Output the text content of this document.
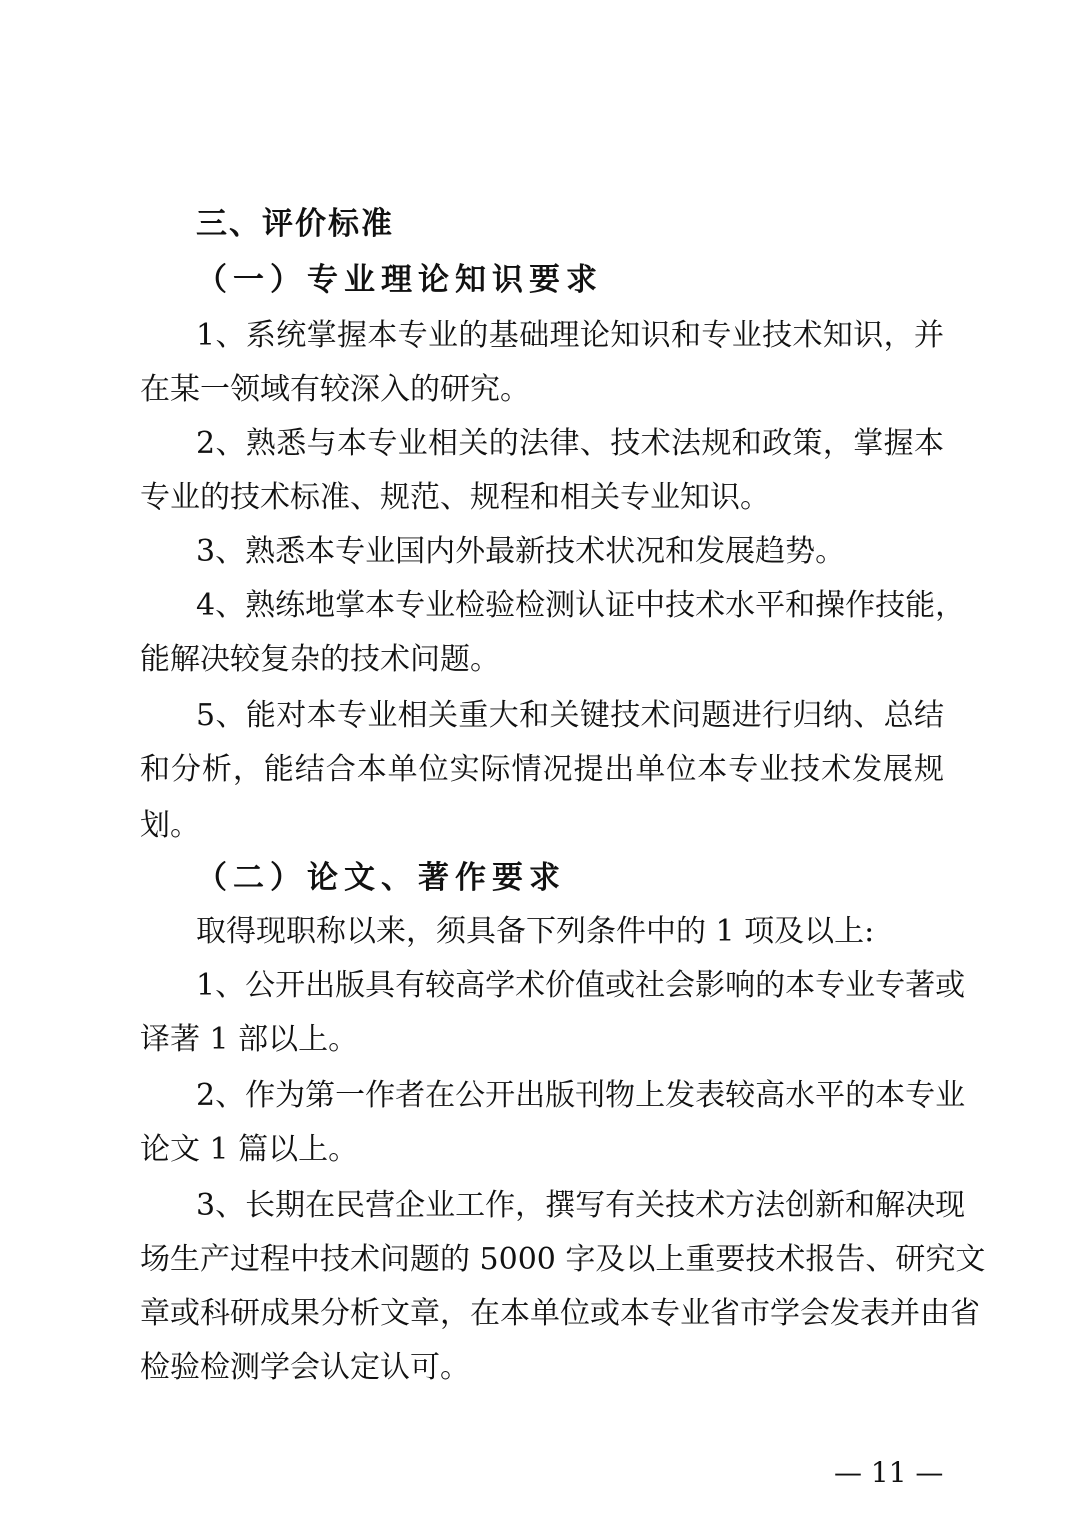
三、评价标准
（一）专业理论知识要求
1、系统掌握本专业的基础理论知识和专业技术知识，并
在某一领域有较深入的研究。
2、熟悉与本专业相关的法律、技术法规和政策，掌握本
专业的技术标准、规范、规程和相关专业知识。
3、熟悉本专业国内外最新技术状况和发展趋势。
4、熟练地掌本专业检验检测认证中技术水平和操作技能，
能解决较复杂的技术问题。
5、能对本专业相关重大和关键技术问题进行归纳、总结
和分析，能结合本单位实际情况提出单位本专业技术发展规
划。
（二）论文、著作要求
取得现职称以来，须具备下列条件中的 1 项及以上:
1、公开出版具有较高学术价值或社会影响的本专业专著或
译著 1 部以上。
2、作为第一作者在公开出版刊物上发表较高水平的本专业
论文 1 篇以上。
3、长期在民营企业工作，撰写有关技术方法创新和解决现
场生产过程中技术问题的 5000 字及以上重要技术报告、研究文
章或科研成果分析文章，在本单位或本专业省市学会发表并由省
检验检测学会认定认可。
— 11 —
